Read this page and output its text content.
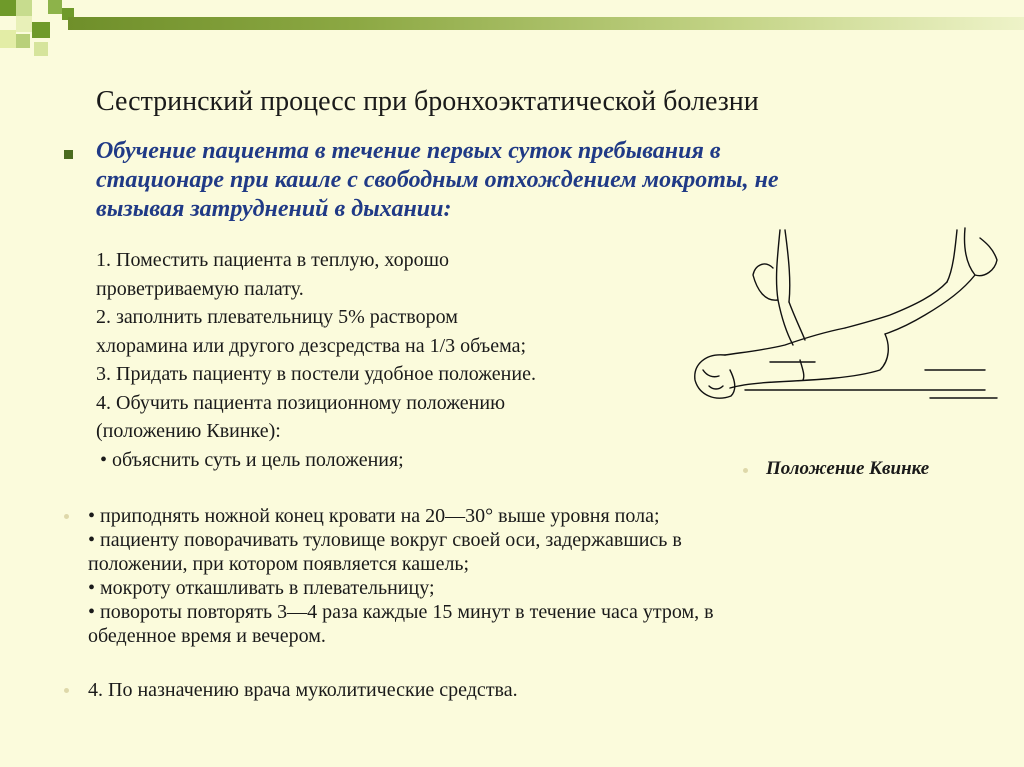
Сестринский процесс при бронхоэктатической болезни
Обучение пациента в течение первых суток пребывания в
стационаре при кашле с свободным отхождением мокроты, не
вызывая затруднений в дыхании:
1. Поместить пациента в теплую, хорошо
проветриваемую палату.
2. заполнить плевательницу 5% раствором
хлорамина или другого дезсредства на 1/3 объема;
3. Придать пациенту в постели удобное положение.
4. Обучить пациента позиционному положению
(положению Квинке):
• объяснить суть и цель положения;	Положение Квинке
• приподнять ножной конец кровати на 20—30° выше уровня пола;
• пациенту поворачивать туловище вокруг своей оси, задержавшись в
положении, при котором появляется кашель;
• мокроту откашливать в плевательницу;
• повороты повторять 3—4 раза каждые 15 минут в течение часа утром, в
обеденное время и вечером.
4. По назначению врача муколитические средства.
